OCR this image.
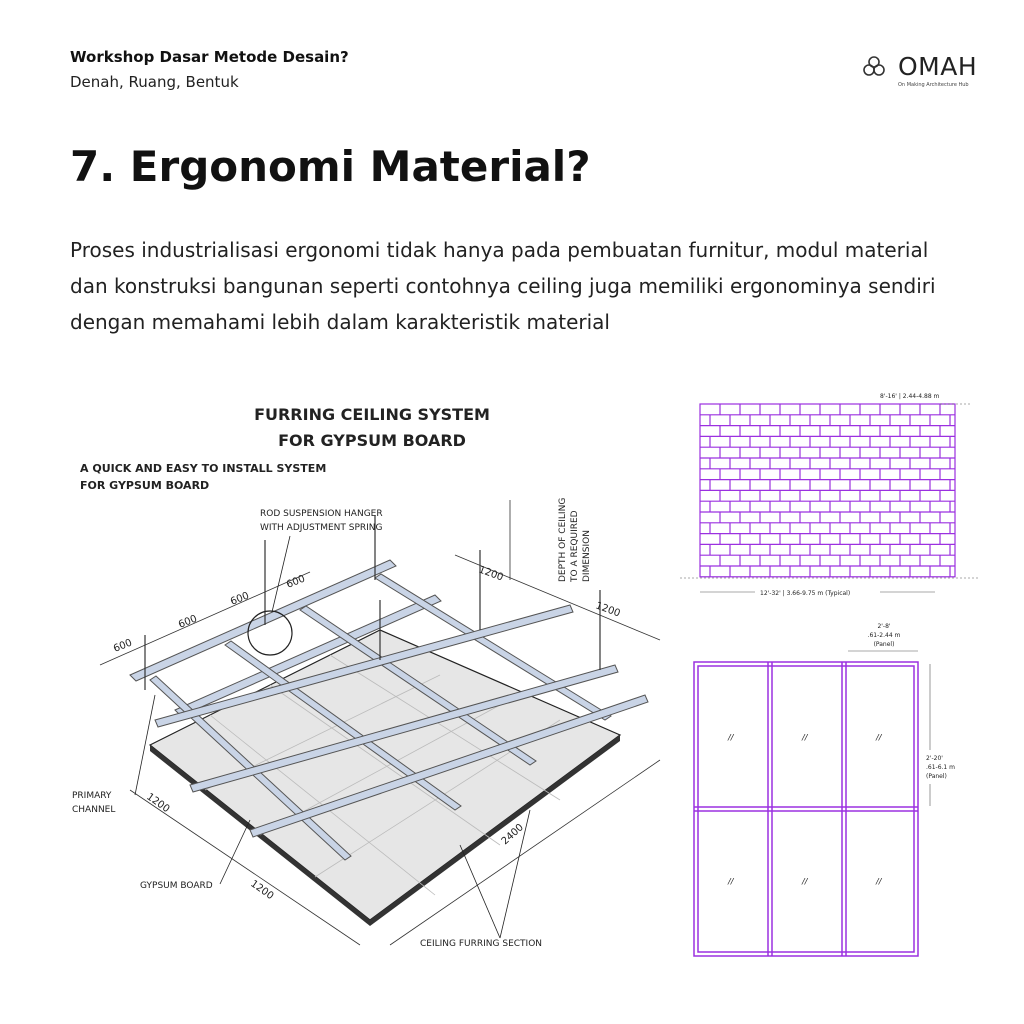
Workshop Dasar Metode Desain?
Denah, Ruang, Bentuk
OMAH
On Making Architecture Hub
7. Ergonomi Material?

Proses industrialisasi ergonomi tidak hanya pada pembuatan furnitur, modul material dan konstruksi bangunan seperti contohnya ceiling juga memiliki ergonominya sendiri dengan memahami lebih dalam karakteristik material

FURRING CEILING SYSTEM
FOR GYPSUM BOARD
A QUICK AND EASY TO INSTALL SYSTEM
FOR GYPSUM BOARD
ROD SUSPENSION HANGER
WITH ADJUSTMENT SPRING	DEPTH OF CEILING TO A REQUIRED DIMENSION
PRIMARY
CHANNEL
GYPSUM BOARD
CEILING FURRING SECTION
600
600
600
600	1200
1200
1200
1200
2400
8'-16' | 2.44-4.88 m
12'-32' | 3.66-9.75 m (Typical)
//	//	//
//	//	//
2'-8'
.61-2.44 m
(Panel)
2'-20'
.61-6.1 m
(Panel)
